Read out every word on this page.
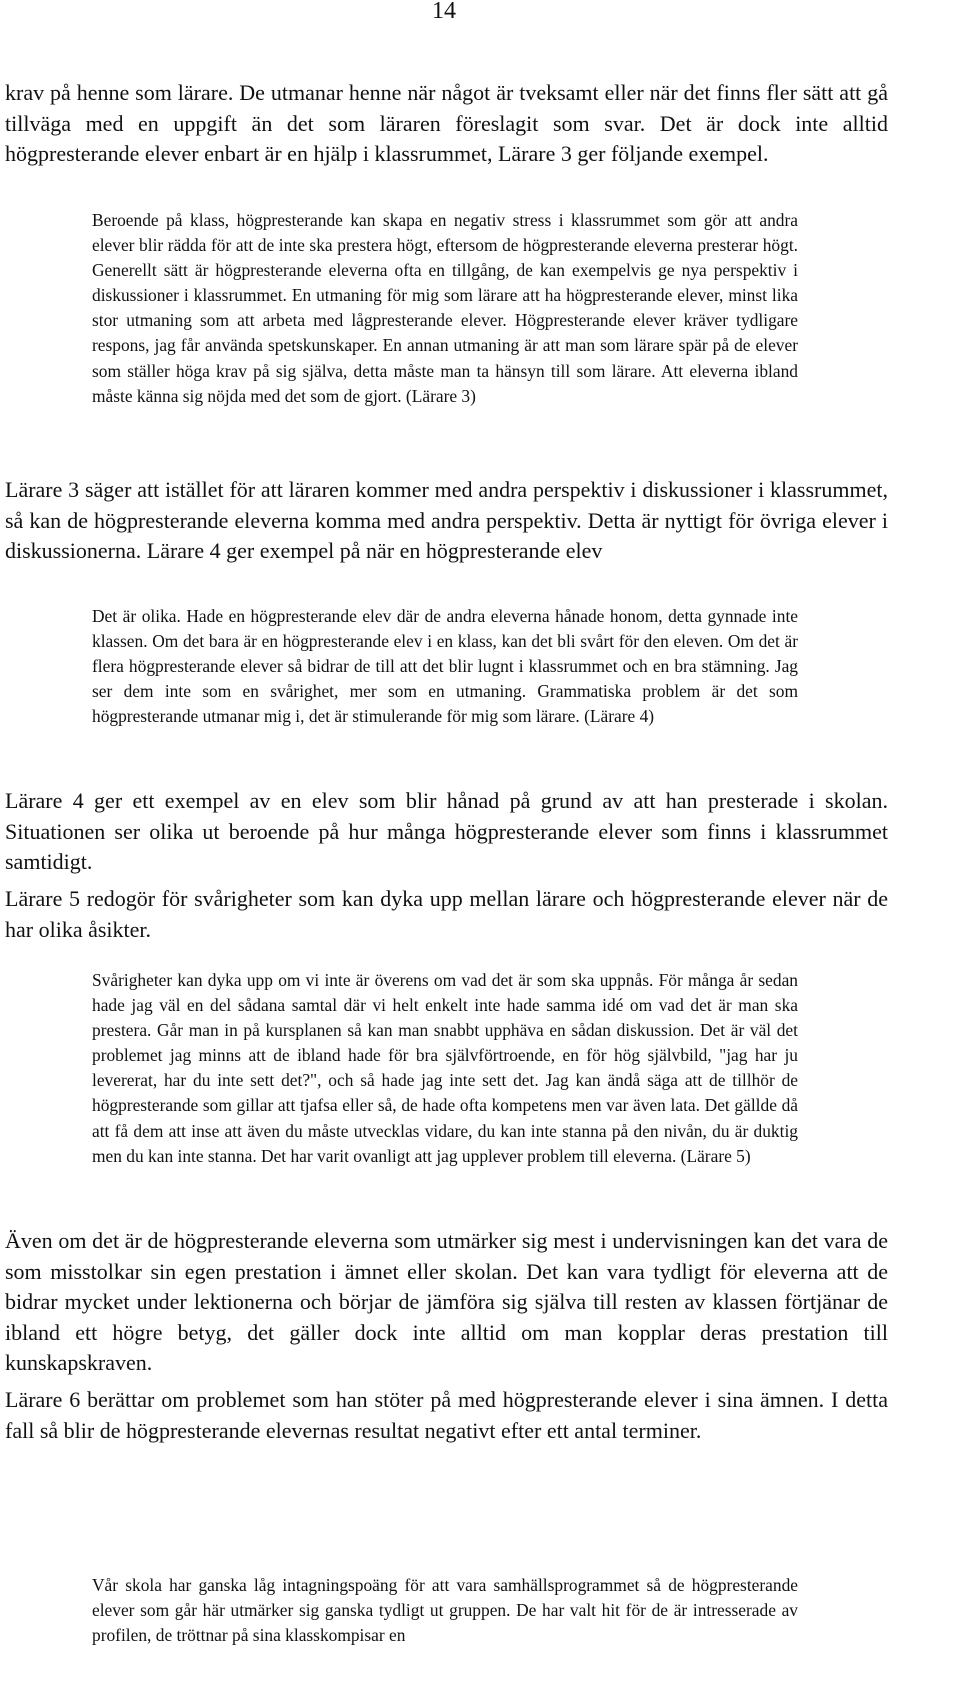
14

krav på henne som lärare. De utmanar henne när något är tveksamt eller när det finns fler sätt att gå tillväga med en uppgift än det som läraren föreslagit som svar. Det är dock inte alltid högpresterande elever enbart är en hjälp i klassrummet, Lärare 3 ger följande exempel.

Beroende på klass, högpresterande kan skapa en negativ stress i klassrummet som gör att andra elever blir rädda för att de inte ska prestera högt, eftersom de högpresterande eleverna presterar högt. Generellt sätt är högpresterande eleverna ofta en tillgång, de kan exempelvis ge nya perspektiv i diskussioner i klassrummet. En utmaning för mig som lärare att ha högpresterande elever, minst lika stor utmaning som att arbeta med lågpresterande elever. Högpresterande elever kräver tydligare respons, jag får använda spetskunskaper. En annan utmaning är att man som lärare spär på de elever som ställer höga krav på sig själva, detta måste man ta hänsyn till som lärare. Att eleverna ibland måste känna sig nöjda med det som de gjort. (Lärare 3)

Lärare 3 säger att istället för att läraren kommer med andra perspektiv i diskussioner i klassrummet, så kan de högpresterande eleverna komma med andra perspektiv. Detta är nyttigt för övriga elever i diskussionerna. Lärare 4 ger exempel på när en högpresterande elev

Det är olika. Hade en högpresterande elev där de andra eleverna hånade honom, detta gynnade inte klassen. Om det bara är en högpresterande elev i en klass, kan det bli svårt för den eleven. Om det är flera högpresterande elever så bidrar de till att det blir lugnt i klassrummet och en bra stämning. Jag ser dem inte som en svårighet, mer som en utmaning. Grammatiska problem är det som högpresterande utmanar mig i, det är stimulerande för mig som lärare. (Lärare 4)

Lärare 4 ger ett exempel av en elev som blir hånad på grund av att han presterade i skolan. Situationen ser olika ut beroende på hur många högpresterande elever som finns i klassrummet samtidigt.

Lärare 5 redogör för svårigheter som kan dyka upp mellan lärare och högpresterande elever när de har olika åsikter.

Svårigheter kan dyka upp om vi inte är överens om vad det är som ska uppnås. För många år sedan hade jag väl en del sådana samtal där vi helt enkelt inte hade samma idé om vad det är man ska prestera. Går man in på kursplanen så kan man snabbt upphäva en sådan diskussion. Det är väl det problemet jag minns att de ibland hade för bra självförtroende, en för hög självbild, "jag har ju levererat, har du inte sett det?", och så hade jag inte sett det. Jag kan ändå säga att de tillhör de högpresterande som gillar att tjafsa eller så, de hade ofta kompetens men var även lata. Det gällde då att få dem att inse att även du måste utvecklas vidare, du kan inte stanna på den nivån, du är duktig men du kan inte stanna. Det har varit ovanligt att jag upplever problem till eleverna. (Lärare 5)

Även om det är de högpresterande eleverna som utmärker sig mest i undervisningen kan det vara de som misstolkar sin egen prestation i ämnet eller skolan. Det kan vara tydligt för eleverna att de bidrar mycket under lektionerna och börjar de jämföra sig själva till resten av klassen förtjänar de ibland ett högre betyg, det gäller dock inte alltid om man kopplar deras prestation till kunskapskraven.

Lärare 6 berättar om problemet som han stöter på med högpresterande elever i sina ämnen. I detta fall så blir de högpresterande elevernas resultat negativt efter ett antal terminer.

Vår skola har ganska låg intagningspoäng för att vara samhällsprogrammet så de högpresterande elever som går här utmärker sig ganska tydligt ut gruppen. De har valt hit för de är intresserade av profilen, de tröttnar på sina klasskompisar en
